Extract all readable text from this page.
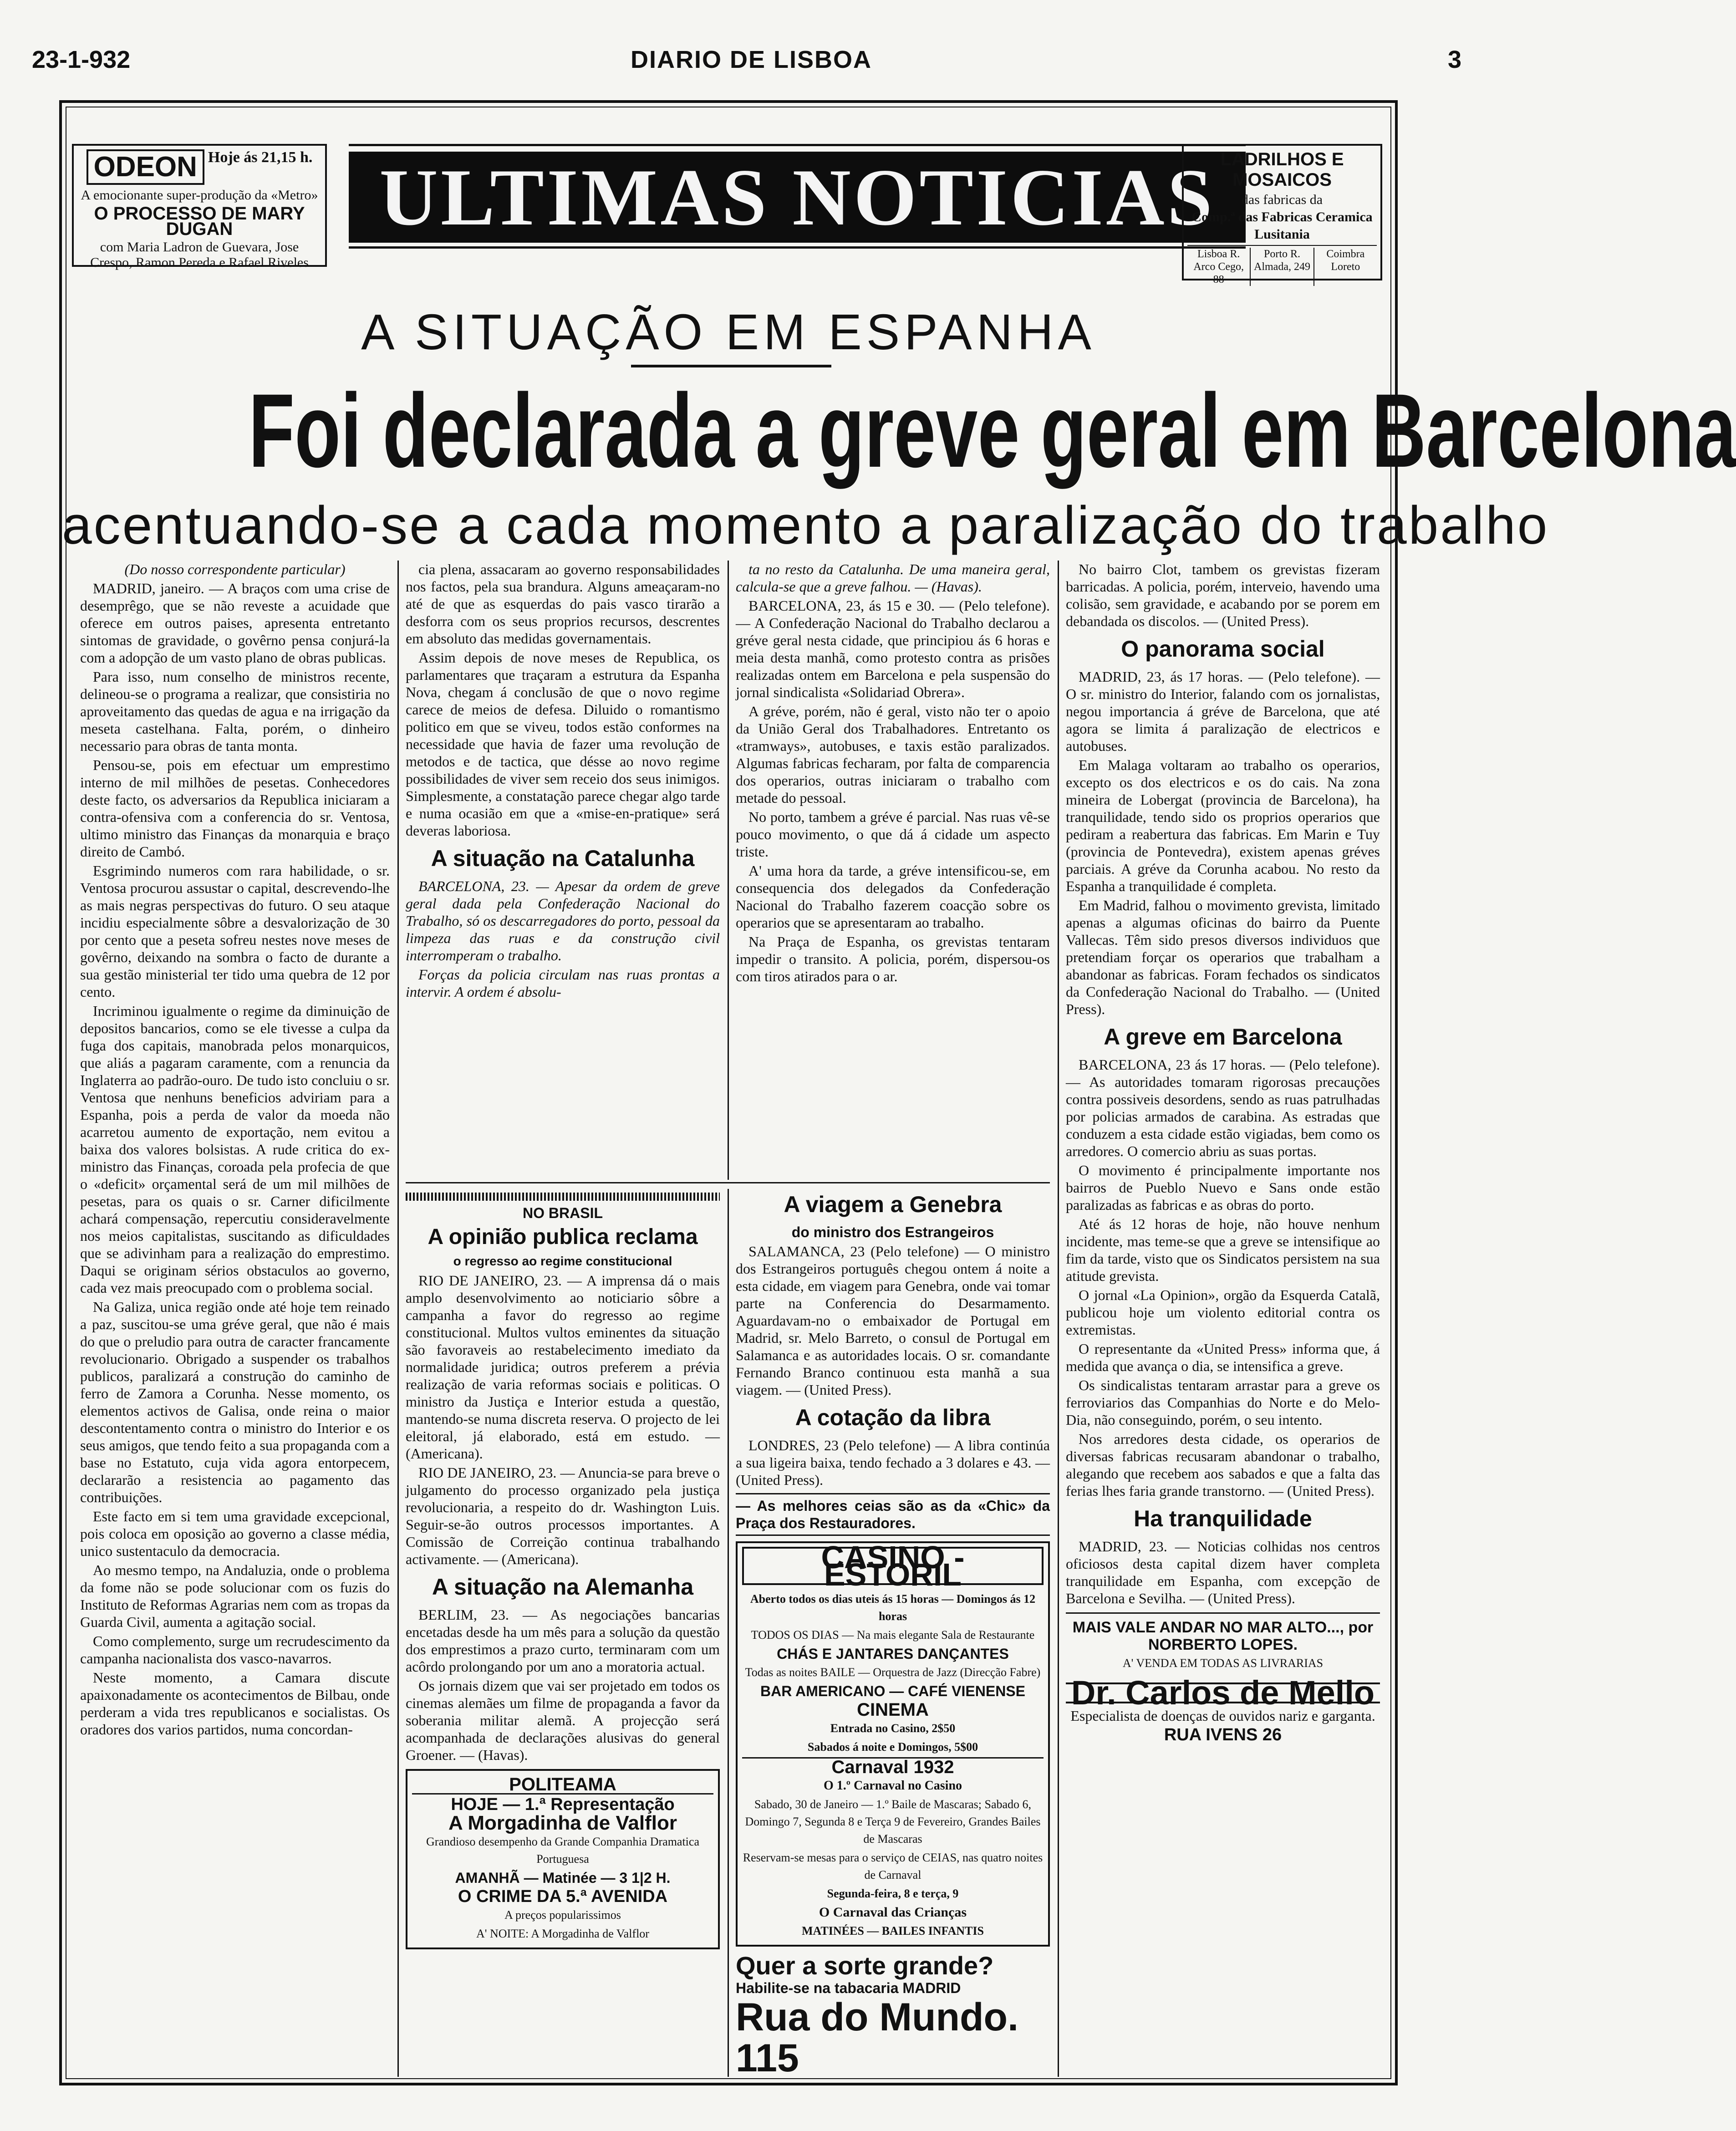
23-1-932	DIARIO DE LISBOA	3
ODEON Hoje ás 21,15 h.

A emocionante super-produção da «Metro»

O PROCESSO DE MARY DUGAN

com Maria Ladron de Guevara, Jose Crespo, Ramon Pereda e Rafael Riveles

ULTIMAS NOTICIAS LADRILHOS E MOSAICOS

das fabricas da

Comp.ª das Fabricas Ceramica

Lusitania

Lisboa R. Arco Cego, 88
Porto R. Almada, 249
Coimbra Loreto
A SITUAÇÃO EM ESPANHA
Foi declarada a greve geral em Barcelona
acentuando-se a cada momento a paralização do trabalho

(Do nosso correspondente particular)

MADRID, janeiro. — A braços com uma crise de desemprêgo, que se não reveste a acuidade que oferece em outros paises, apresenta entretanto sintomas de gravidade, o govêrno pensa conjurá-la com a adopção de um vasto plano de obras publicas.

Para isso, num conselho de ministros recente, delineou-se o programa a realizar, que consistiria no aproveitamento das quedas de agua e na irrigação da meseta castelhana. Falta, porém, o dinheiro necessario para obras de tanta monta.

Pensou-se, pois em efectuar um emprestimo interno de mil milhões de pesetas. Conhecedores deste facto, os adversarios da Republica iniciaram a contra-ofensiva com a conferencia do sr. Ventosa, ultimo ministro das Finanças da monarquia e braço direito de Cambó.

Esgrimindo numeros com rara habilidade, o sr. Ventosa procurou assustar o capital, descrevendo-lhe as mais negras perspectivas do futuro. O seu ataque incidiu especialmente sôbre a desvalorização de 30 por cento que a peseta sofreu nestes nove meses de govêrno, deixando na sombra o facto de durante a sua gestão ministerial ter tido uma quebra de 12 por cento.

Incriminou igualmente o regime da diminuição de depositos bancarios, como se ele tivesse a culpa da fuga dos capitais, manobrada pelos monarquicos, que aliás a pagaram caramente, com a renuncia da Inglaterra ao padrão-ouro. De tudo isto concluiu o sr. Ventosa que nenhuns beneficios adviriam para a Espanha, pois a perda de valor da moeda não acarretou aumento de exportação, nem evitou a baixa dos valores bolsistas. A rude critica do ex-ministro das Finanças, coroada pela profecia de que o «deficit» orçamental será de um mil milhões de pesetas, para os quais o sr. Carner dificilmente achará compensação, repercutiu consideravelmente nos meios capitalistas, suscitando as dificuldades que se adivinham para a realização do emprestimo. Daqui se originam sérios obstaculos ao governo, cada vez mais preocupado com o problema social.

Na Galiza, unica região onde até hoje tem reinado a paz, suscitou-se uma gréve geral, que não é mais do que o preludio para outra de caracter francamente revolucionario. Obrigado a suspender os trabalhos publicos, paralizará a construção do caminho de ferro de Zamora a Corunha. Nesse momento, os elementos activos de Galisa, onde reina o maior descontentamento contra o ministro do Interior e os seus amigos, que tendo feito a sua propaganda com a base no Estatuto, cuja vida agora entorpecem, declararão a resistencia ao pagamento das contribuições.

Este facto em si tem uma gravidade excepcional, pois coloca em oposição ao governo a classe média, unico sustentaculo da democracia.

Ao mesmo tempo, na Andaluzia, onde o problema da fome não se pode solucionar com os fuzis do Instituto de Reformas Agrarias nem com as tropas da Guarda Civil, aumenta a agitação social.

Como complemento, surge um recrudescimento da campanha nacionalista dos vasco-navarros.

Neste momento, a Camara discute apaixonadamente os acontecimentos de Bilbau, onde perderam a vida tres republicanos e socialistas. Os oradores dos varios partidos, numa concordan-

cia plena, assacaram ao governo responsabilidades nos factos, pela sua brandura. Alguns ameaçaram-no até de que as esquerdas do pais vasco tirarão a desforra com os seus proprios recursos, descrentes em absoluto das medidas governamentais.

Assim depois de nove meses de Republica, os parlamentares que traçaram a estrutura da Espanha Nova, chegam á conclusão de que o novo regime carece de meios de defesa. Diluido o romantismo politico em que se viveu, todos estão conformes na necessidade que havia de fazer uma revolução de metodos e de tactica, que désse ao novo regime possibilidades de viver sem receio dos seus inimigos. Simplesmente, a constatação parece chegar algo tarde e numa ocasião em que a «mise-en-pratique» será deveras laboriosa.

A situação na Catalunha

BARCELONA, 23. — Apesar da ordem de greve geral dada pela Confederação Nacional do Trabalho, só os descarregadores do porto, pessoal da limpeza das ruas e da construção civil interromperam o trabalho.

Forças da policia circulam nas ruas prontas a intervir. A ordem é absolu-

ta no resto da Catalunha. De uma maneira geral, calcula-se que a greve falhou. — (Havas).

BARCELONA, 23, ás 15 e 30. — (Pelo telefone). — A Confederação Nacional do Trabalho declarou a gréve geral nesta cidade, que principiou ás 6 horas e meia desta manhã, como protesto contra as prisões realizadas ontem em Barcelona e pela suspensão do jornal sindicalista «Solidariad Obrera».

A gréve, porém, não é geral, visto não ter o apoio da União Geral dos Trabalhadores. Entretanto os «tramways», autobuses, e taxis estão paralizados. Algumas fabricas fecharam, por falta de comparencia dos operarios, outras iniciaram o trabalho com metade do pessoal.

No porto, tambem a gréve é parcial. Nas ruas vê-se pouco movimento, o que dá á cidade um aspecto triste.

A' uma hora da tarde, a gréve intensificou-se, em consequencia dos delegados da Confederação Nacional do Trabalho fazerem coacção sobre os operarios que se apresentaram ao trabalho.

Na Praça de Espanha, os grevistas tentaram impedir o transito. A policia, porém, dispersou-os com tiros atirados para o ar.

No bairro Clot, tambem os grevistas fizeram barricadas. A policia, porém, interveio, havendo uma colisão, sem gravidade, e acabando por se porem em debandada os discolos. — (United Press).

O panorama social

MADRID, 23, ás 17 horas. — (Pelo telefone). — O sr. ministro do Interior, falando com os jornalistas, negou importancia á gréve de Barcelona, que até agora se limita á paralização de electricos e autobuses.

Em Malaga voltaram ao trabalho os operarios, excepto os dos electricos e os do cais. Na zona mineira de Lobergat (provincia de Barcelona), ha tranquilidade, tendo sido os proprios operarios que pediram a reabertura das fabricas. Em Marin e Tuy (provincia de Pontevedra), existem apenas gréves parciais. A gréve da Corunha acabou. No resto da Espanha a tranquilidade é completa.

Em Madrid, falhou o movimento grevista, limitado apenas a algumas oficinas do bairro da Puente Vallecas. Têm sido presos diversos individuos que pretendiam forçar os operarios que trabalham a abandonar as fabricas. Foram fechados os sindicatos da Confederação Nacional do Trabalho. — (United Press).

A greve em Barcelona

BARCELONA, 23 ás 17 horas. — (Pelo telefone). — As autoridades tomaram rigorosas precauções contra possiveis desordens, sendo as ruas patrulhadas por policias armados de carabina. As estradas que conduzem a esta cidade estão vigiadas, bem como os arredores. O comercio abriu as suas portas.

O movimento é principalmente importante nos bairros de Pueblo Nuevo e Sans onde estão paralizadas as fabricas e as obras do porto.

Até ás 12 horas de hoje, não houve nenhum incidente, mas teme-se que a greve se intensifique ao fim da tarde, visto que os Sindicatos persistem na sua atitude grevista.

O jornal «La Opinion», orgão da Esquerda Catalã, publicou hoje um violento editorial contra os extremistas.

O representante da «United Press» informa que, á medida que avança o dia, se intensifica a greve.

Os sindicalistas tentaram arrastar para a greve os ferroviarios das Companhias do Norte e do Melo-Dia, não conseguindo, porém, o seu intento.

Nos arredores desta cidade, os operarios de diversas fabricas recusaram abandonar o trabalho, alegando que recebem aos sabados e que a falta das ferias lhes faria grande transtorno. — (United Press).

Ha tranquilidade

MADRID, 23. — Noticias colhidas nos centros oficiosos desta capital dizem haver completa tranquilidade em Espanha, com excepção de Barcelona e Sevilha. — (United Press).

MAIS VALE ANDAR NO MAR ALTO..., por NORBERTO LOPES.

A' VENDA EM TODAS AS LIVRARIAS

Dr. Carlos de Mello

Especialista de doenças de ouvidos nariz e garganta.

RUA IVENS 26

NO BRASIL

A opinião publica reclama

o regresso ao regime constitucional

RIO DE JANEIRO, 23. — A imprensa dá o mais amplo desenvolvimento ao noticiario sôbre a campanha a favor do regresso ao regime constitucional. Multos vultos eminentes da situação são favoraveis ao restabelecimento imediato da normalidade juridica; outros preferem a prévia realização de varia reformas sociais e politicas. O ministro da Justiça e Interior estuda a questão, mantendo-se numa discreta reserva. O projecto de lei eleitoral, já elaborado, está em estudo. — (Americana).

RIO DE JANEIRO, 23. — Anuncia-se para breve o julgamento do processo organizado pela justiça revolucionaria, a respeito do dr. Washington Luis. Seguir-se-ão outros processos importantes. A Comissão de Correição continua trabalhando activamente. — (Americana).

A situação na Alemanha

BERLIM, 23. — As negociações bancarias encetadas desde ha um mês para a solução da questão dos emprestimos a prazo curto, terminaram com um acôrdo prolongando por um ano a moratoria actual.

Os jornais dizem que vai ser projetado em todos os cinemas alemães um filme de propaganda a favor da soberania militar alemã. A projecção será acompanhada de declarações alusivas do general Groener. — (Havas).

POLITEAMA

HOJE — 1.ª Representação

A Morgadinha de Valflor

Grandioso desempenho da Grande Companhia Dramatica Portuguesa

AMANHÃ — Matinée — 3 1|2 H.

O CRIME DA 5.ª AVENIDA

A preços popularissimos

A' NOITE: A Morgadinha de Valflor

A viagem a Genebra

do ministro dos Estrangeiros

SALAMANCA, 23 (Pelo telefone) — O ministro dos Estrangeiros português chegou ontem á noite a esta cidade, em viagem para Genebra, onde vai tomar parte na Conferencia do Desarmamento. Aguardavam-no o embaixador de Portugal em Madrid, sr. Melo Barreto, o consul de Portugal em Salamanca e as autoridades locais. O sr. comandante Fernando Branco continuou esta manhã a sua viagem. — (United Press).

A cotação da libra

LONDRES, 23 (Pelo telefone) — A libra continúa a sua ligeira baixa, tendo fechado a 3 dolares e 43. — (United Press).

— As melhores ceias são as da «Chic» da Praça dos Restauradores.

CASINO - ESTORIL

Aberto todos os dias uteis ás 15 horas — Domingos ás 12 horas

TODOS OS DIAS — Na mais elegante Sala de Restaurante

CHÁS E JANTARES DANÇANTES

Todas as noites BAILE — Orquestra de Jazz (Direcção Fabre)

BAR AMERICANO — CAFÉ VIENENSE

CINEMA

Entrada no Casino, 2$50

Sabados á noite e Domingos, 5$00

Carnaval 1932

O 1.º Carnaval no Casino

Sabado, 30 de Janeiro — 1.º Baile de Mascaras; Sabado 6, Domingo 7, Segunda 8 e Terça 9 de Fevereiro, Grandes Bailes de Mascaras

Reservam-se mesas para o serviço de CEIAS, nas quatro noites de Carnaval

Segunda-feira, 8 e terça, 9

O Carnaval das Crianças

MATINÉES — BAILES INFANTIS

Quer a sorte grande?
Habilite-se na tabacaria MADRID
Rua do Mundo. 115
